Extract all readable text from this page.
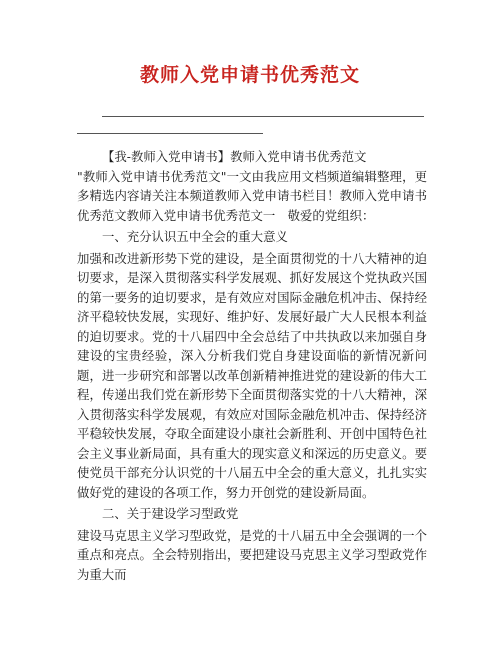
教师入党申请书优秀范文

【我-教师入党申请书】教师入党申请书优秀范文

"教师入党申请书优秀范文"一文由我应用文档频道编辑整理，更多精选内容请关注本频道教师入党申请书栏目！教师入党申请书优秀范文教师入党申请书优秀范文一　敬爱的党组织：

一、充分认识五中全会的重大意义

加强和改进新形势下党的建设，是全面贯彻党的十八大精神的迫切要求，是深入贯彻落实科学发展观、抓好发展这个党执政兴国的第一要务的迫切要求，是有效应对国际金融危机冲击、保持经济平稳较快发展，实现好、维护好、发展好最广大人民根本利益的迫切要求。党的十八届四中全会总结了中共执政以来加强自身建设的宝贵经验，深入分析我们党自身建设面临的新情况新问题，进一步研究和部署以改革创新精神推进党的建设新的伟大工程，传递出我们党在新形势下全面贯彻落实党的十八大精神，深入贯彻落实科学发展观，有效应对国际金融危机冲击、保持经济平稳较快发展，夺取全面建设小康社会新胜利、开创中国特色社会主义事业新局面，具有重大的现实意义和深远的历史意义。要使党员干部充分认识党的十八届五中全会的重大意义，扎扎实实做好党的建设的各项工作，努力开创党的建设新局面。

二、关于建设学习型政党

建设马克思主义学习型政党，是党的十八届五中全会强调的一个重点和亮点。全会特别指出，要把建设马克思主义学习型政党作为重大而
